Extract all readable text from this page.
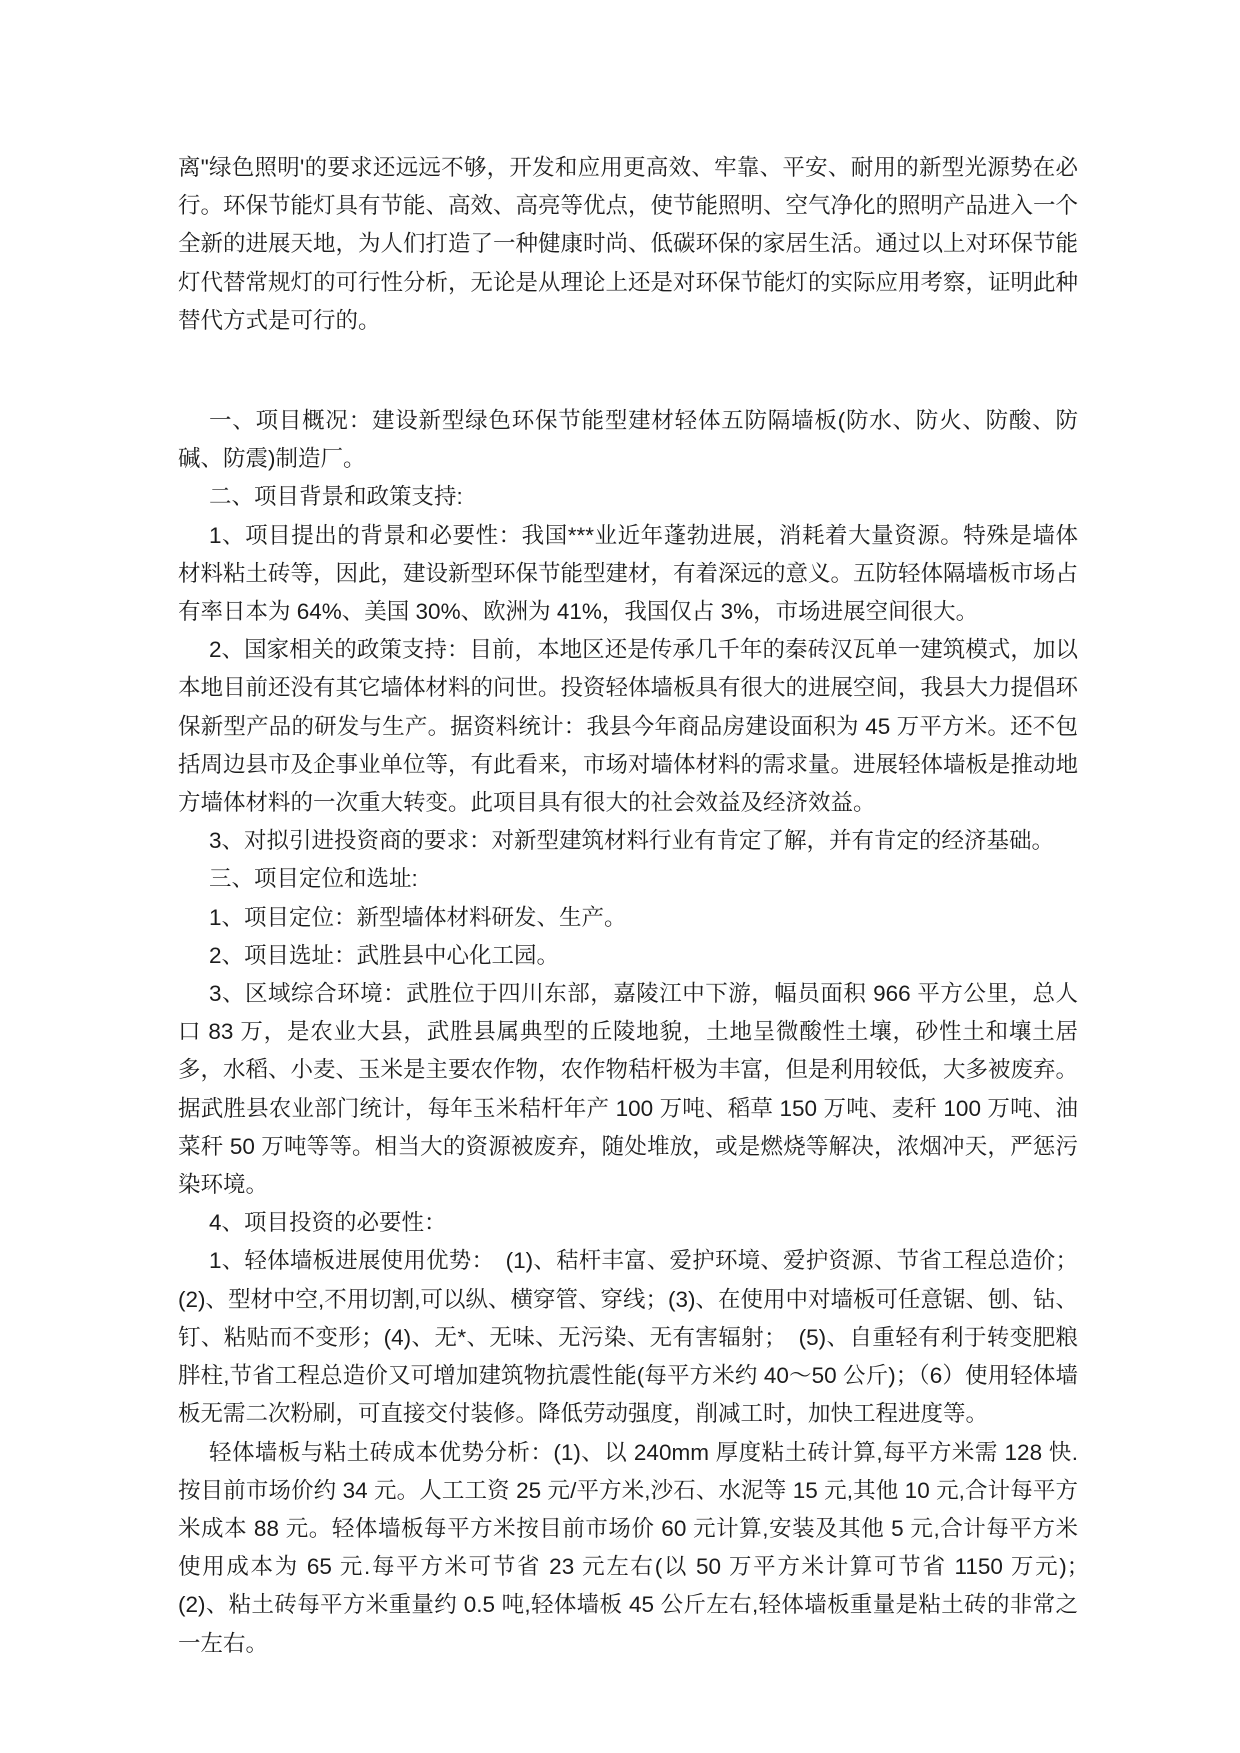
离"绿色照明'的要求还远远不够，开发和应用更高效、牢靠、平安、耐用的新型光源势在必行。环保节能灯具有节能、高效、高亮等优点，使节能照明、空气净化的照明产品进入一个全新的进展天地，为人们打造了一种健康时尚、低碳环保的家居生活。通过以上对环保节能灯代替常规灯的可行性分析，无论是从理论上还是对环保节能灯的实际应用考察，证明此种替代方式是可行的。

一、项目概况：建设新型绿色环保节能型建材轻体五防隔墙板(防水、防火、防酸、防碱、防震)制造厂。

二、项目背景和政策支持:

1、项目提出的背景和必要性：我国***业近年蓬勃进展，消耗着大量资源。特殊是墙体材料粘土砖等，因此，建设新型环保节能型建材，有着深远的意义。五防轻体隔墙板市场占有率日本为 64%、美国 30%、欧洲为 41%，我国仅占 3%，市场进展空间很大。

2、国家相关的政策支持：目前，本地区还是传承几千年的秦砖汉瓦单一建筑模式，加以本地目前还没有其它墙体材料的问世。投资轻体墙板具有很大的进展空间，我县大力提倡环保新型产品的研发与生产。据资料统计：我县今年商品房建设面积为 45 万平方米。还不包括周边县市及企事业单位等，有此看来，市场对墙体材料的需求量。进展轻体墙板是推动地方墙体材料的一次重大转变。此项目具有很大的社会效益及经济效益。

3、对拟引进投资商的要求：对新型建筑材料行业有肯定了解，并有肯定的经济基础。

三、项目定位和选址:

1、项目定位：新型墙体材料研发、生产。

2、项目选址：武胜县中心化工园。

3、区域综合环境：武胜位于四川东部，嘉陵江中下游，幅员面积 966 平方公里，总人口 83 万，是农业大县，武胜县属典型的丘陵地貌，土地呈微酸性土壤，砂性土和壤土居多，水稻、小麦、玉米是主要农作物，农作物秸杆极为丰富，但是利用较低，大多被废弃。据武胜县农业部门统计，每年玉米秸杆年产 100 万吨、稻草 150 万吨、麦秆 100 万吨、油菜秆 50 万吨等等。相当大的资源被废弃，随处堆放，或是燃烧等解决，浓烟冲天，严惩污染环境。

4、项目投资的必要性：

1、轻体墙板进展使用优势：　(1)、秸杆丰富、爱护环境、爱护资源、节省工程总造价；(2)、型材中空,不用切割,可以纵、横穿管、穿线；(3)、在使用中对墙板可任意锯、刨、钻、钉、粘贴而不变形；(4)、无*、无味、无污染、无有害辐射；　(5)、自重轻有利于转变肥粮胖柱,节省工程总造价又可增加建筑物抗震性能(每平方米约 40～50 公斤)；（6）使用轻体墙板无需二次粉刷，可直接交付装修。降低劳动强度，削减工时，加快工程进度等。

轻体墙板与粘土砖成本优势分析：(1)、以 240mm 厚度粘土砖计算,每平方米需 128 快.按目前市场价约 34 元。人工工资 25 元/平方米,沙石、水泥等 15 元,其他 10 元,合计每平方米成本 88 元。轻体墙板每平方米按目前市场价 60 元计算,安装及其他 5 元,合计每平方米使用成本为 65 元.每平方米可节省 23 元左右(以 50 万平方米计算可节省 1150 万元)；　(2)、粘土砖每平方米重量约 0.5 吨,轻体墙板 45 公斤左右,轻体墙板重量是粘土砖的非常之一左右。
